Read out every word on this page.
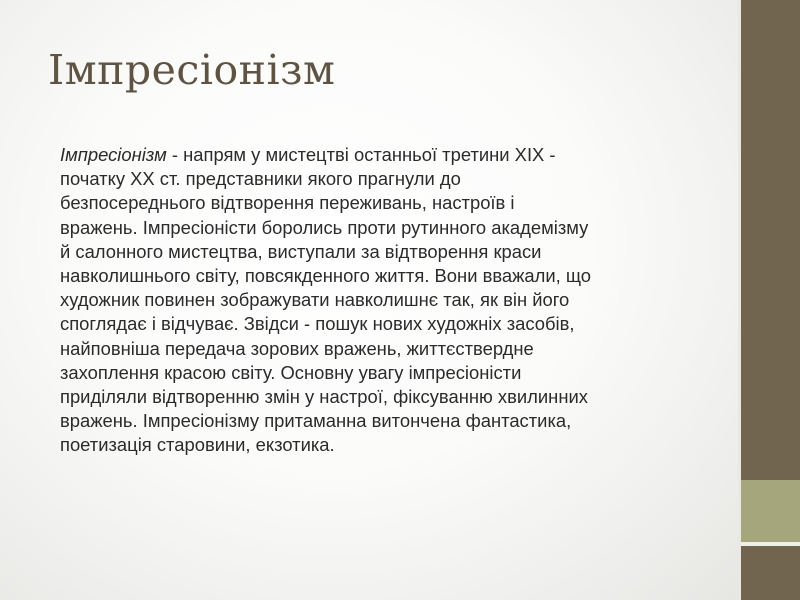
Імпресіонізм
Імпресіонізм - напрям у мистецтві останньої третини XIX -
початку XX ст. представники якого прагнули до
безпосереднього відтворення переживань, настроїв і
вражень. Імпресіоністи боролись проти рутинного академізму
й салонного мистецтва, виступали за відтворення краси
навколишнього світу, повсякденного життя. Вони вважали, що
художник повинен зображувати навколишнє так, як він його
споглядає і відчуває. Звідси - пошук нових художніх засобів,
найповніша передача зорових вражень, життєствердне
захоплення красою світу. Основну увагу імпресіоністи
приділяли відтворенню змін у настрої, фіксуванню хвилинних
вражень. Імпресіонізму притаманна витончена фантастика,
поетизація старовини, екзотика.
